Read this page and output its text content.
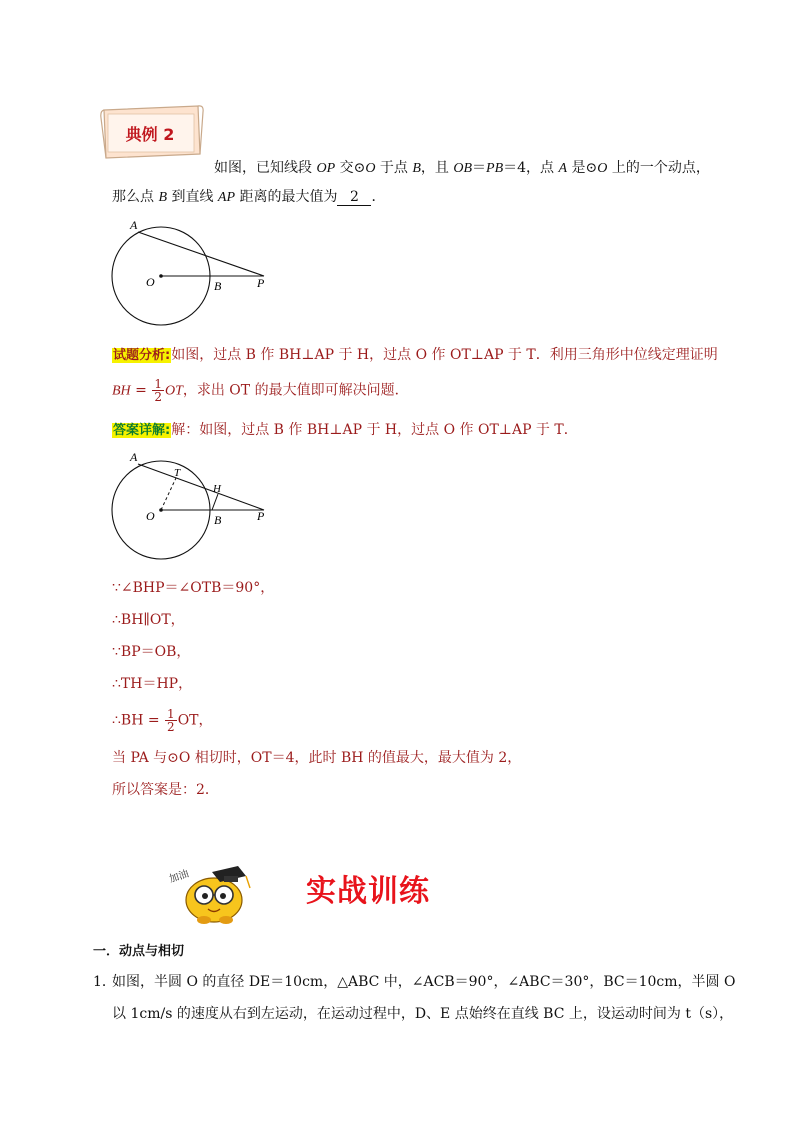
典例 2
如图，已知线段 OP 交⊙O 于点 B，且 OB＝PB＝4，点 A 是⊙O 上的一个动点，
那么点 B 到直线 AP 距离的最大值为 2 ．
A
O	B	P
试题分析:如图，过点 B 作 BH⊥AP 于 H，过点 O 作 OT⊥AP 于 T．利用三角形中位线定理证明
BH = $\frac{1}{2}$ OT，求出 OT 的最大值即可解决问题．
答案详解:解：如图，过点 B 作 BH⊥AP 于 H，过点 O 作 OT⊥AP 于 T．
A
T
H
O	B	P
∵∠BHP＝∠OTB＝90°，
∴BH∥OT，
∵BP＝OB，
∴TH＝HP，
∴BH = $\frac{1}{2}$ OT，
当 PA 与⊙O 相切时，OT＝4，此时 BH 的值最大，最大值为 2，
所以答案是：2．
加油	实战训练
一．动点与相切
1．
如图，半圆 O 的直径 DE＝10cm，△ABC 中，∠ACB＝90°，∠ABC＝30°，BC＝10cm，半圆 O
以 1cm/s 的速度从右到左运动，在运动过程中，D、E 点始终在直线 BC 上，设运动时间为 t（s），
